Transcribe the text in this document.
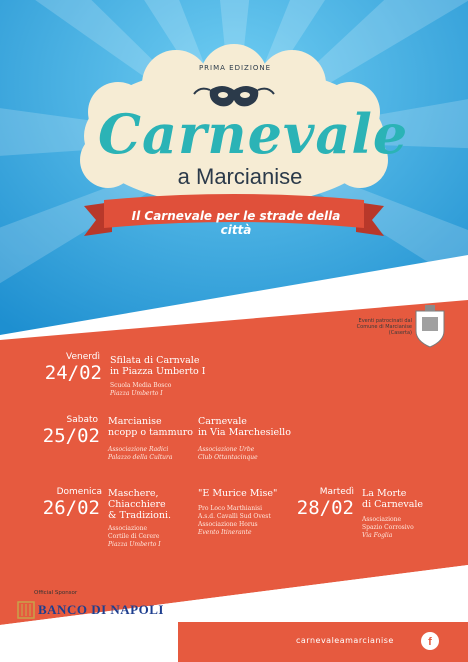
f
PRIMA EDIZIONE
Carnevale
a Marcianise
Il Carnevale per le strade della città
Eventi patrocinati dal
Comune di Marcianise
(Caserta)
Venerdì
24/02
Sfilata di Carnvale
in Piazza Umberto I
Scuola Media Bosco
Piazza Umberto I
Sabato
25/02
Marcianise
ncopp o tammuro
Associazione Radici
Palazzo della Cultura
Carnevale
in Via Marchesiello
Associazione Urbe
Club Ottantacinque
Domenica
26/02
Maschere,
Chiacchiere
& Tradizioni.
Associazione
Cortile di Cerere
Piazza Umberto I
"E Murice Mise"
Pro Loco Marthianisi
A.s.d. Cavalli Sud Ovest
Associazione Horus
Evento Itinerante
Martedì
28/02
La Morte
di Carnevale
Associazione
Spazio Corrosivo
Via Foglia
Official Sponsor
BANCO DI NAPOLI
carnevaleamarcianise
